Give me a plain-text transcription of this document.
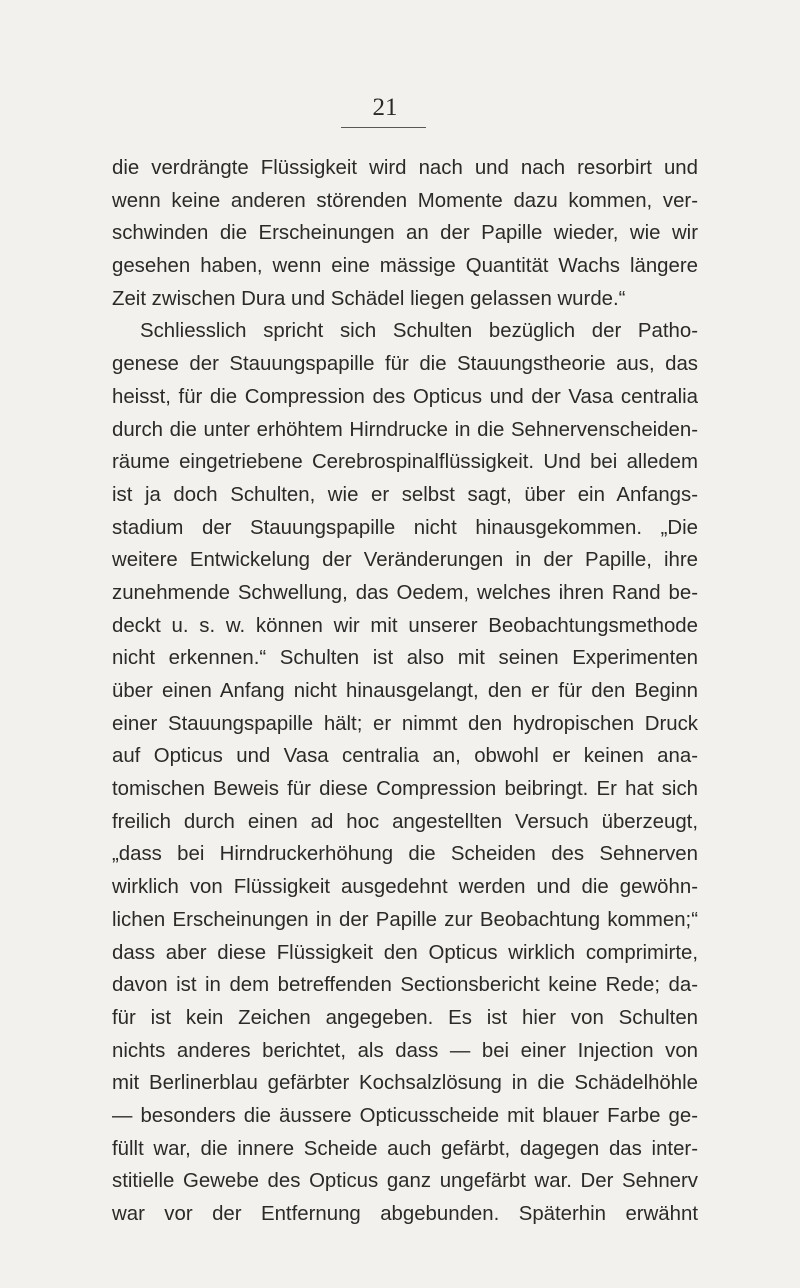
21
die verdrängte Flüssigkeit wird nach und nach resorbirt und
wenn keine anderen störenden Momente dazu kommen, ver-
schwinden die Erscheinungen an der Papille wieder, wie wir
gesehen haben, wenn eine mässige Quantität Wachs längere
Zeit zwischen Dura und Schädel liegen gelassen wurde.“
Schliesslich spricht sich Schulten bezüglich der Patho-
genese der Stauungspapille für die Stauungstheorie aus, das
heisst, für die Compression des Opticus und der Vasa centralia
durch die unter erhöhtem Hirndrucke in die Sehnervenscheiden-
räume eingetriebene Cerebrospinalflüssigkeit. Und bei alledem
ist ja doch Schulten, wie er selbst sagt, über ein Anfangs-
stadium der Stauungspapille nicht hinausgekommen. „Die
weitere Entwickelung der Veränderungen in der Papille, ihre
zunehmende Schwellung, das Oedem, welches ihren Rand be-
deckt u. s. w. können wir mit unserer Beobachtungsmethode
nicht erkennen.“ Schulten ist also mit seinen Experimenten
über einen Anfang nicht hinausgelangt, den er für den Beginn
einer Stauungspapille hält; er nimmt den hydropischen Druck
auf Opticus und Vasa centralia an, obwohl er keinen ana-
tomischen Beweis für diese Compression beibringt. Er hat sich
freilich durch einen ad hoc angestellten Versuch überzeugt,
„dass bei Hirndruckerhöhung die Scheiden des Sehnerven
wirklich von Flüssigkeit ausgedehnt werden und die gewöhn-
lichen Erscheinungen in der Papille zur Beobachtung kommen;“
dass aber diese Flüssigkeit den Opticus wirklich comprimirte,
davon ist in dem betreffenden Sectionsbericht keine Rede; da-
für ist kein Zeichen angegeben. Es ist hier von Schulten
nichts anderes berichtet, als dass — bei einer Injection von
mit Berlinerblau gefärbter Kochsalzlösung in die Schädelhöhle
— besonders die äussere Opticusscheide mit blauer Farbe ge-
füllt war, die innere Scheide auch gefärbt, dagegen das inter-
stitielle Gewebe des Opticus ganz ungefärbt war. Der Sehnerv
war vor der Entfernung abgebunden. Späterhin erwähnt
